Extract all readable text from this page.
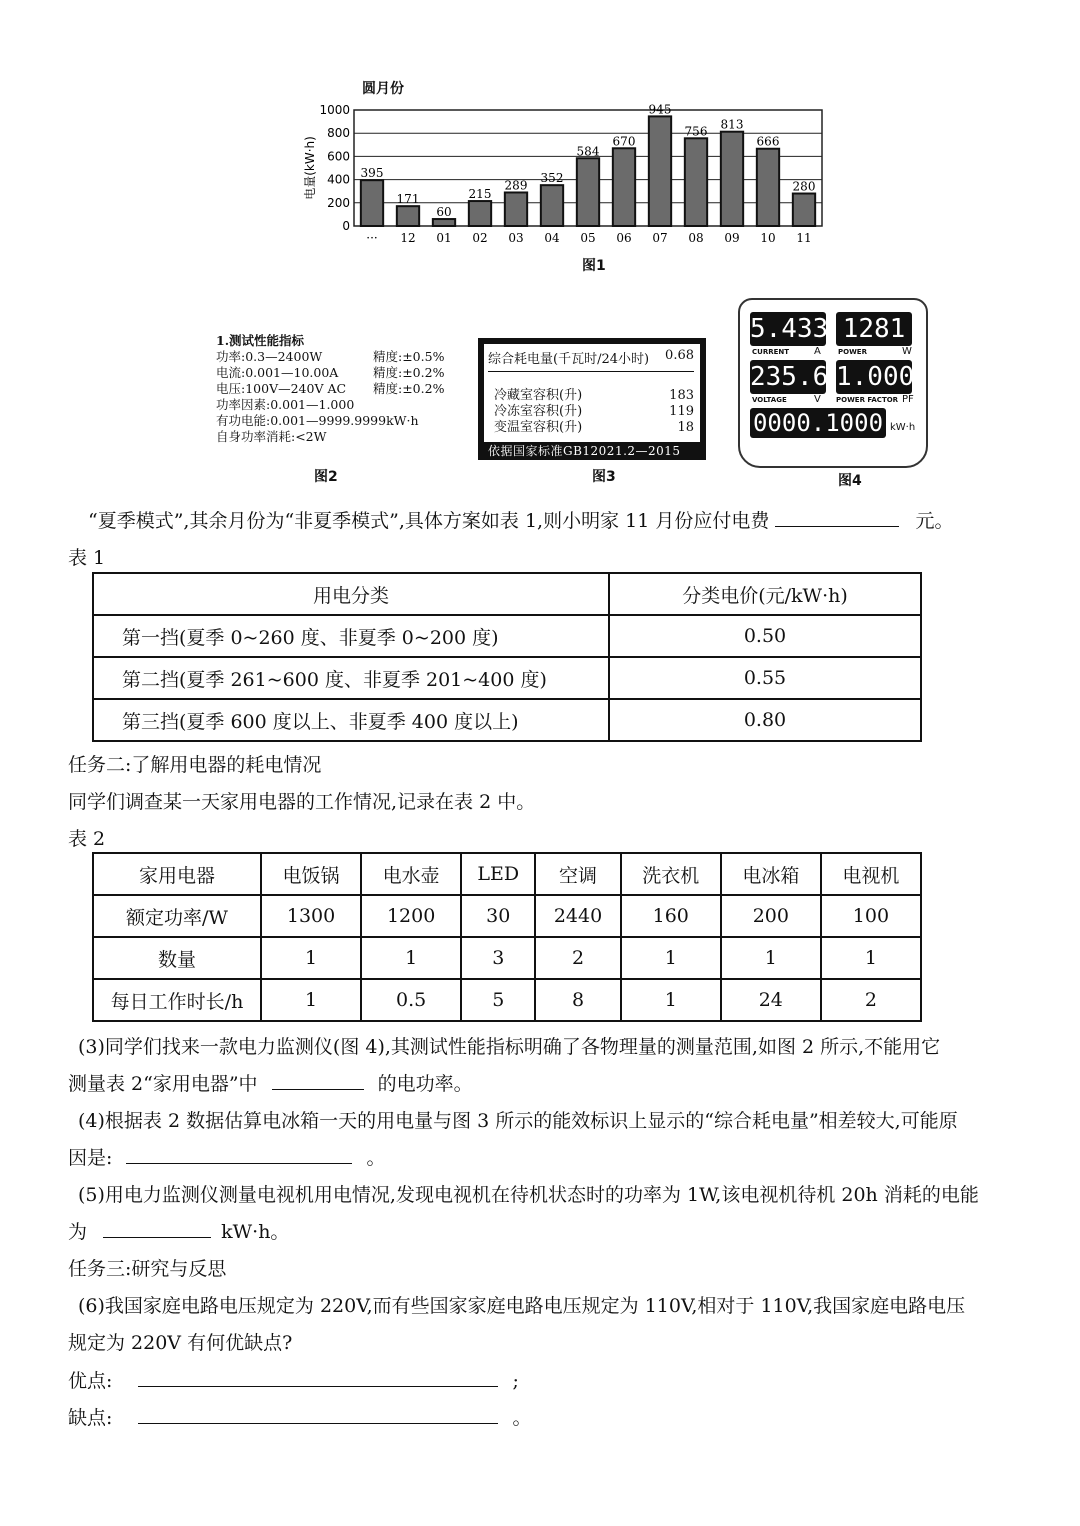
圆月份
0
200
400
600
800
1000
电量(kW·h)	395
···
171
12
60
01
215
02
289
03
352
04
584
05
670
06
945
07
756
08
813
09
666
10
280
11
图1
1.测试性能指标
功率:0.3—2400W	精度:±0.5%
电流:0.001—10.00A	精度:±0.2%
电压:100V—240V AC	精度:±0.2%
功率因素:0.001—1.000
有功电能:0.001—9999.9999kW·h
自身功率消耗:<2W
图2
综合耗电量(千瓦时/24小时) 0.68
冷藏室容积(升)	183
冷冻室容积(升)	119
变温室容积(升)	18
依据国家标准GB12021.2—2015
图3
5.433
CURRENT A
1281
POWER	W
235.6
VOLTAGE	V
1.000
POWER FACTOR PF
0000.1000 kW·h
图4
“夏季模式”,其余月份为“非夏季模式”,具体方案如表 1,则小明家 11 月份应付电费	元。
表 1
用电分类	分类电价(元/kW·h)
第一挡(夏季 0~260 度、非夏季 0~200 度)	0.50
第二挡(夏季 261~600 度、非夏季 201~400 度)	0.55
第三挡(夏季 600 度以上、非夏季 400 度以上)	0.80
任务二:了解用电器的耗电情况
同学们调查某一天家用电器的工作情况,记录在表 2 中。
表 2
家用电器	电饭锅	电水壶	LED	空调	洗衣机	电冰箱	电视机
额定功率/W	1300	1200	30	2440	160	200	100
数量	1	1	3	2	1	1	1
每日工作时长/h	1	0.5	5	8	1	24	2
(3)同学们找来一款电力监测仪(图 4),其测试性能指标明确了各物理量的测量范围,如图 2 所示,不能用它
测量表 2“家用电器”中	的电功率。
(4)根据表 2 数据估算电冰箱一天的用电量与图 3 所示的能效标识上显示的“综合耗电量”相差较大,可能原
因是:	。
(5)用电力监测仪测量电视机用电情况,发现电视机在待机状态时的功率为 1W,该电视机待机 20h 消耗的电能
为	kW·h。
任务三:研究与反思
(6)我国家庭电路电压规定为 220V,而有些国家家庭电路电压规定为 110V,相对于 110V,我国家庭电路电压
规定为 220V 有何优缺点?
优点:	;
缺点:	。
